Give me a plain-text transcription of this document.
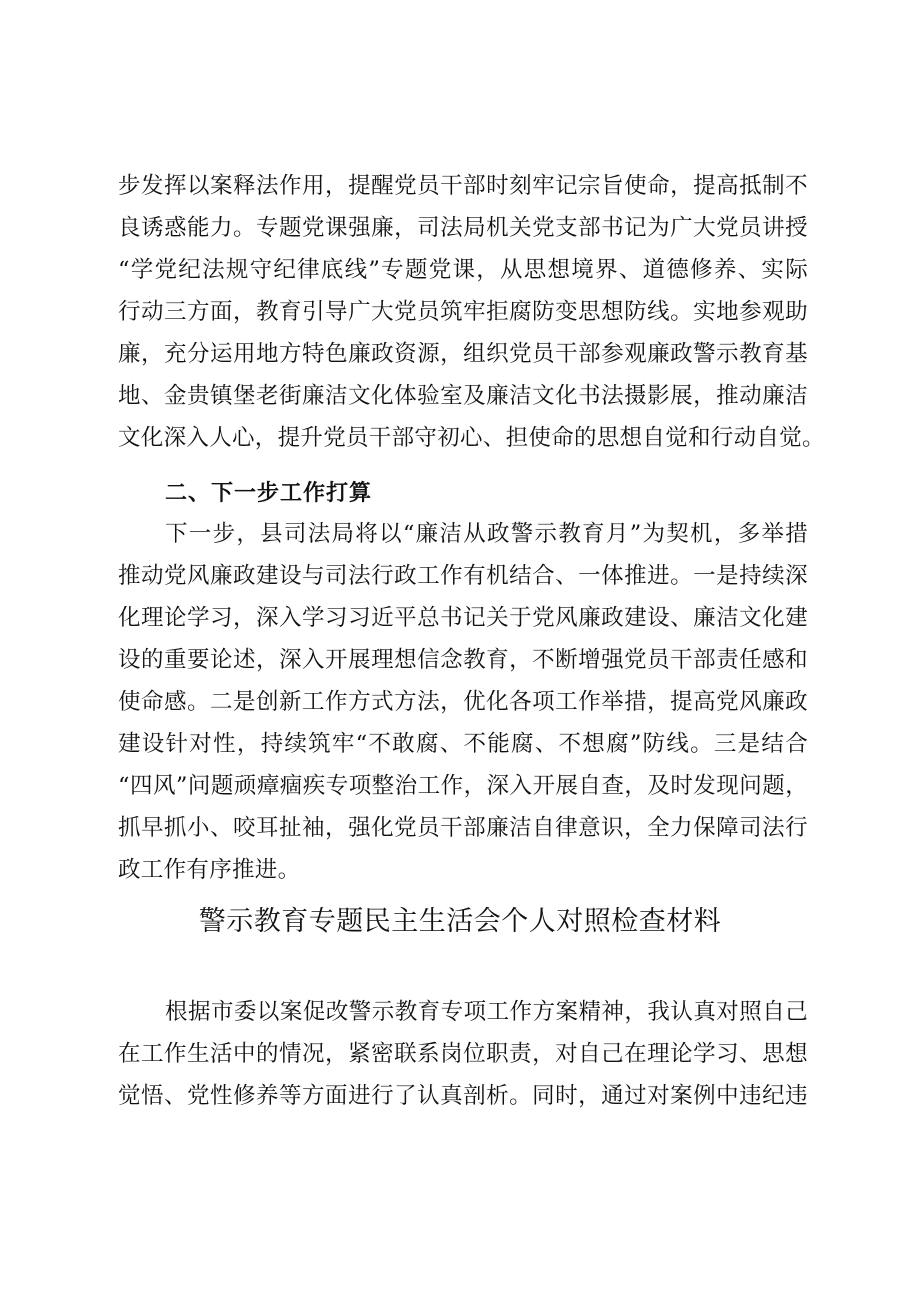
步发挥以案释法作用，提醒党员干部时刻牢记宗旨使命，提高抵制不
良诱惑能力。专题党课强廉，司法局机关党支部书记为广大党员讲授
“学党纪法规守纪律底线”专题党课，从思想境界、道德修养、实际
行动三方面，教育引导广大党员筑牢拒腐防变思想防线。实地参观助
廉，充分运用地方特色廉政资源，组织党员干部参观廉政警示教育基
地、金贵镇堡老街廉洁文化体验室及廉洁文化书法摄影展，推动廉洁
文化深入人心，提升党员干部守初心、担使命的思想自觉和行动自觉。
二、下一步工作打算
下一步，县司法局将以“廉洁从政警示教育月”为契机，多举措
推动党风廉政建设与司法行政工作有机结合、一体推进。一是持续深
化理论学习，深入学习习近平总书记关于党风廉政建设、廉洁文化建
设的重要论述，深入开展理想信念教育，不断增强党员干部责任感和
使命感。二是创新工作方式方法，优化各项工作举措，提高党风廉政
建设针对性，持续筑牢“不敢腐、不能腐、不想腐”防线。三是结合
“四风”问题顽瘴痼疾专项整治工作，深入开展自查，及时发现问题，
抓早抓小、咬耳扯袖，强化党员干部廉洁自律意识，全力保障司法行
政工作有序推进。
警示教育专题民主生活会个人对照检查材料
根据市委以案促改警示教育专项工作方案精神，我认真对照自己
在工作生活中的情况，紧密联系岗位职责，对自己在理论学习、思想
觉悟、党性修养等方面进行了认真剖析。同时，通过对案例中违纪违
